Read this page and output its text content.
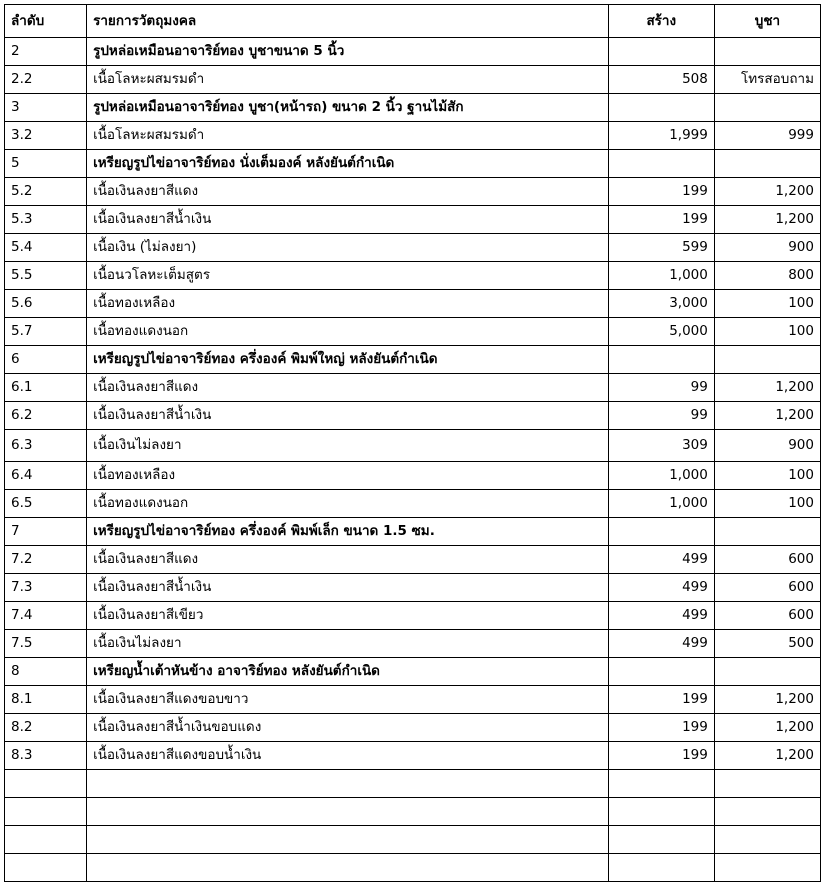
ลำดับ	รายการวัตถุมงคล	สร้าง	บูชา
2	รูปหล่อเหมือนอาจาริย์ทอง บูชาขนาด 5 นิ้ว		
2.2	เนื้อโลหะผสมรมดำ	508	โทรสอบถาม
3	รูปหล่อเหมือนอาจาริย์ทอง บูชา(หน้ารถ) ขนาด 2 นิ้ว ฐานไม้สัก		
3.2	เนื้อโลหะผสมรมดำ	1,999	999
5	เหรียญรูปไข่อาจาริย์ทอง นั่งเต็มองค์ หลังยันต์กำเนิด		
5.2	เนื้อเงินลงยาสีแดง	199	1,200
5.3	เนื้อเงินลงยาสีน้ำเงิน	199	1,200
5.4	เนื้อเงิน (ไม่ลงยา)	599	900
5.5	เนื้อนวโลหะเต็มสูตร	1,000	800
5.6	เนื้อทองเหลือง	3,000	100
5.7	เนื้อทองแดงนอก	5,000	100
6	เหรียญรูปไข่อาจาริย์ทอง ครึ่งองค์ พิมพ์ใหญ่ หลังยันต์กำเนิด		
6.1	เนื้อเงินลงยาสีแดง	99	1,200
6.2	เนื้อเงินลงยาสีน้ำเงิน	99	1,200
6.3	เนื้อเงินไม่ลงยา	309	900
6.4	เนื้อทองเหลือง	1,000	100
6.5	เนื้อทองแดงนอก	1,000	100
7	เหรียญรูปไข่อาจาริย์ทอง ครึ่งองค์ พิมพ์เล็ก ขนาด 1.5 ซม.		
7.2	เนื้อเงินลงยาสีแดง	499	600
7.3	เนื้อเงินลงยาสีน้ำเงิน	499	600
7.4	เนื้อเงินลงยาสีเขียว	499	600
7.5	เนื้อเงินไม่ลงยา	499	500
8	เหรียญน้ำเต้าหันข้าง อาจาริย์ทอง หลังยันต์กำเนิด		
8.1	เนื้อเงินลงยาสีแดงขอบขาว	199	1,200
8.2	เนื้อเงินลงยาสีน้ำเงินขอบแดง	199	1,200
8.3	เนื้อเงินลงยาสีแดงขอบน้ำเงิน	199	1,200
